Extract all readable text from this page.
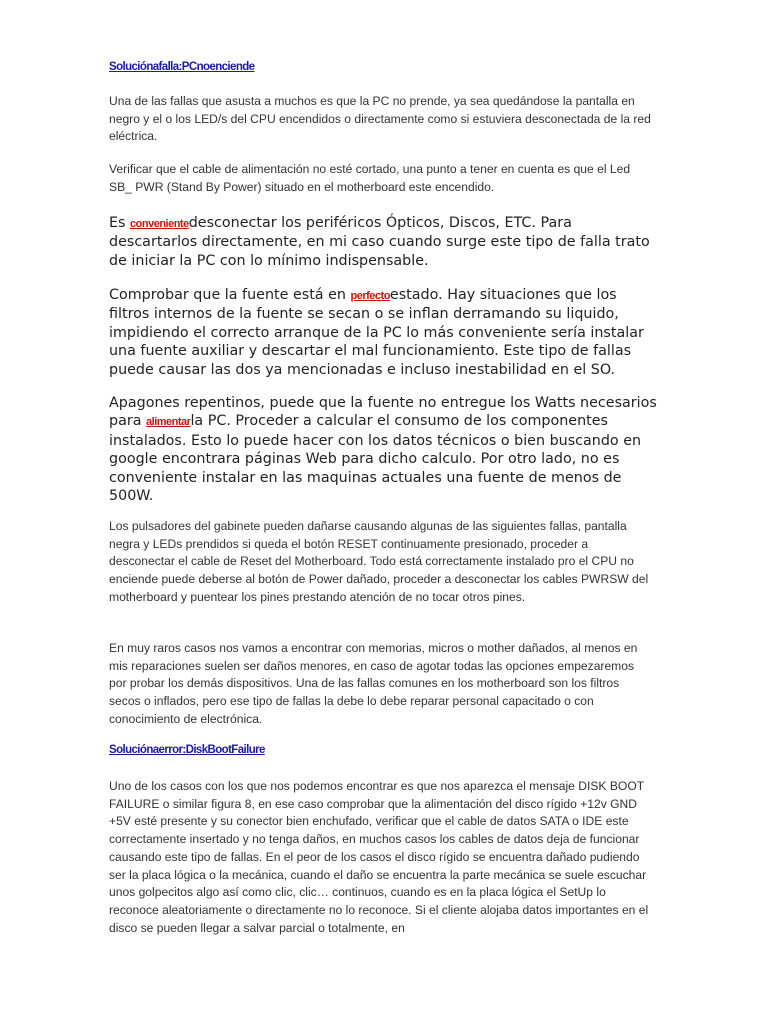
Soluciónafalla:PCnoenciende

Una de las fallas que asusta a muchos es que la PC no prende, ya sea quedándose la pantalla en negro y el o los LED/s del CPU encendidos o directamente como si estuviera desconectada de la red eléctrica.

Verificar que el cable de alimentación no esté cortado, una punto a tener en cuenta es que el Led SB_ PWR (Stand By Power) situado en el motherboard este encendido.

Es convenientedesconectar los periféricos Ópticos, Discos, ETC. Para descartarlos directamente, en mi caso cuando surge este tipo de falla trato de iniciar la PC con lo mínimo indispensable.

Comprobar que la fuente está en perfectoestado. Hay situaciones que los filtros internos de la fuente se secan o se inflan derramando su liquido, impidiendo el correcto arranque de la PC lo más conveniente sería instalar una fuente auxiliar y descartar el mal funcionamiento. Este tipo de fallas puede causar las dos ya mencionadas e incluso inestabilidad en el SO.

Apagones repentinos, puede que la fuente no entregue los Watts necesarios para alimentarla PC. Proceder a calcular el consumo de los componentes instalados. Esto lo puede hacer con los datos técnicos o bien buscando en google encontrara páginas Web para dicho calculo. Por otro lado, no es conveniente instalar en las maquinas actuales una fuente de menos de 500W.

Los pulsadores del gabinete pueden dañarse causando algunas de las siguientes fallas, pantalla negra y LEDs prendidos si queda el botón RESET continuamente presionado, proceder a desconectar el cable de Reset del Motherboard. Todo está correctamente instalado pro el CPU no enciende puede deberse al botón de Power dañado, proceder a desconectar los cables PWRSW del motherboard y puentear los pines prestando atención de no tocar otros pines.

En muy raros casos nos vamos a encontrar con memorias, micros o mother dañados, al menos en mis reparaciones suelen ser daños menores, en caso de agotar todas las opciones empezaremos por probar los demás dispositivos. Una de las fallas comunes en los motherboard son los filtros secos o inflados, pero ese tipo de fallas la debe lo debe reparar personal capacitado o con conocimiento de electrónica.

Soluciónaerror:DiskBootFailure

Uno de los casos con los que nos podemos encontrar es que nos aparezca el mensaje DISK BOOT FAILURE o similar figura 8, en ese caso comprobar que la alimentación del disco rígido +12v GND +5V esté presente y su conector bien enchufado, verificar que el cable de datos SATA o IDE este correctamente insertado y no tenga daños, en muchos casos los cables de datos deja de funcionar causando este tipo de fallas. En el peor de los casos el disco rígido se encuentra dañado pudiendo ser la placa lógica o la mecánica, cuando el daño se encuentra la parte mecánica se suele escuchar unos golpecitos algo así como clic, clic… continuos, cuando es en la placa lógica el SetUp lo reconoce aleatoriamente o directamente no lo reconoce. Si el cliente alojaba datos importantes en el disco se pueden llegar a salvar parcial o totalmente, en
